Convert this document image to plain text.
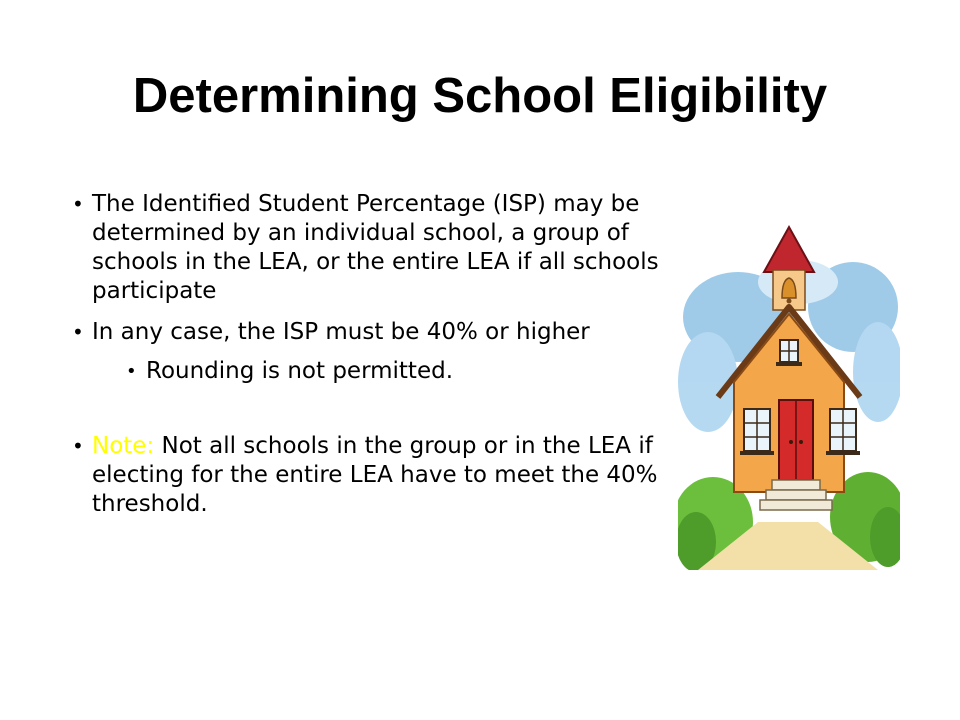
Determining School Eligibility

• The Identified Student Percentage (ISP) may be determined by an individual school, a group of schools in the LEA, or the entire LEA if all schools participate

• In any case, the ISP must be 40% or higher

• Rounding is not permitted.

• Note: Not all schools in the group or in the LEA if electing for the entire LEA have to meet the 40% threshold.
